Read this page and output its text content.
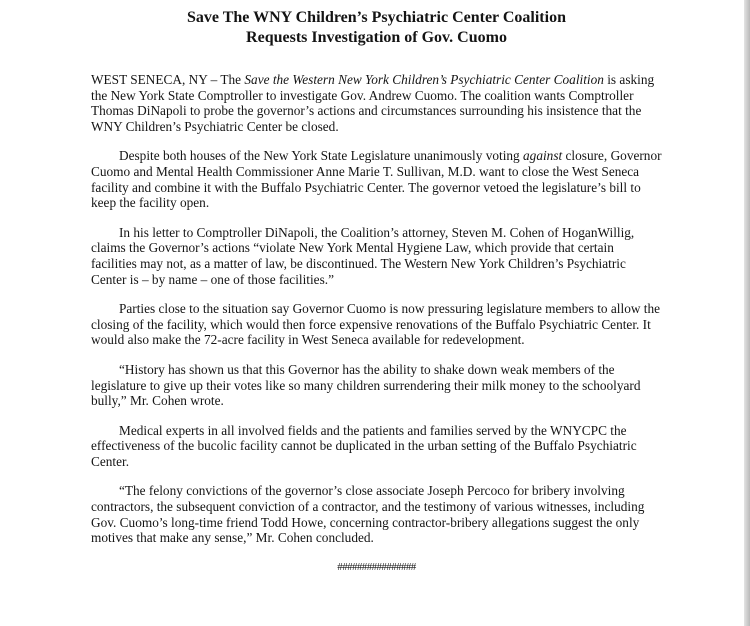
Save The WNY Children’s Psychiatric Center Coalition
Requests Investigation of Gov. Cuomo

WEST SENECA, NY – The Save the Western New York Children’s Psychiatric Center Coalition is asking the New York State Comptroller to investigate Gov. Andrew Cuomo. The coalition wants Comptroller Thomas DiNapoli to probe the governor’s actions and circumstances surrounding his insistence that the WNY Children’s Psychiatric Center be closed.

Despite both houses of the New York State Legislature unanimously voting against closure, Governor Cuomo and Mental Health Commissioner Anne Marie T. Sullivan, M.D. want to close the West Seneca facility and combine it with the Buffalo Psychiatric Center. The governor vetoed the legislature’s bill to keep the facility open.

In his letter to Comptroller DiNapoli, the Coalition’s attorney, Steven M. Cohen of HoganWillig, claims the Governor’s actions “violate New York Mental Hygiene Law, which provide that certain facilities may not, as a matter of law, be discontinued. The Western New York Children’s Psychiatric Center is – by name – one of those facilities.”

Parties close to the situation say Governor Cuomo is now pressuring legislature members to allow the closing of the facility, which would then force expensive renovations of the Buffalo Psychiatric Center. It would also make the 72-acre facility in West Seneca available for redevelopment.

“History has shown us that this Governor has the ability to shake down weak members of the legislature to give up their votes like so many children surrendering their milk money to the schoolyard bully,” Mr. Cohen wrote.

Medical experts in all involved fields and the patients and families served by the WNYCPC the effectiveness of the bucolic facility cannot be duplicated in the urban setting of the Buffalo Psychiatric Center.

“The felony convictions of the governor’s close associate Joseph Percoco for bribery involving contractors, the subsequent conviction of a contractor, and the testimony of various witnesses, including Gov. Cuomo’s long-time friend Todd Howe, concerning contractor-bribery allegations suggest the only motives that make any sense,” Mr. Cohen concluded.

################
